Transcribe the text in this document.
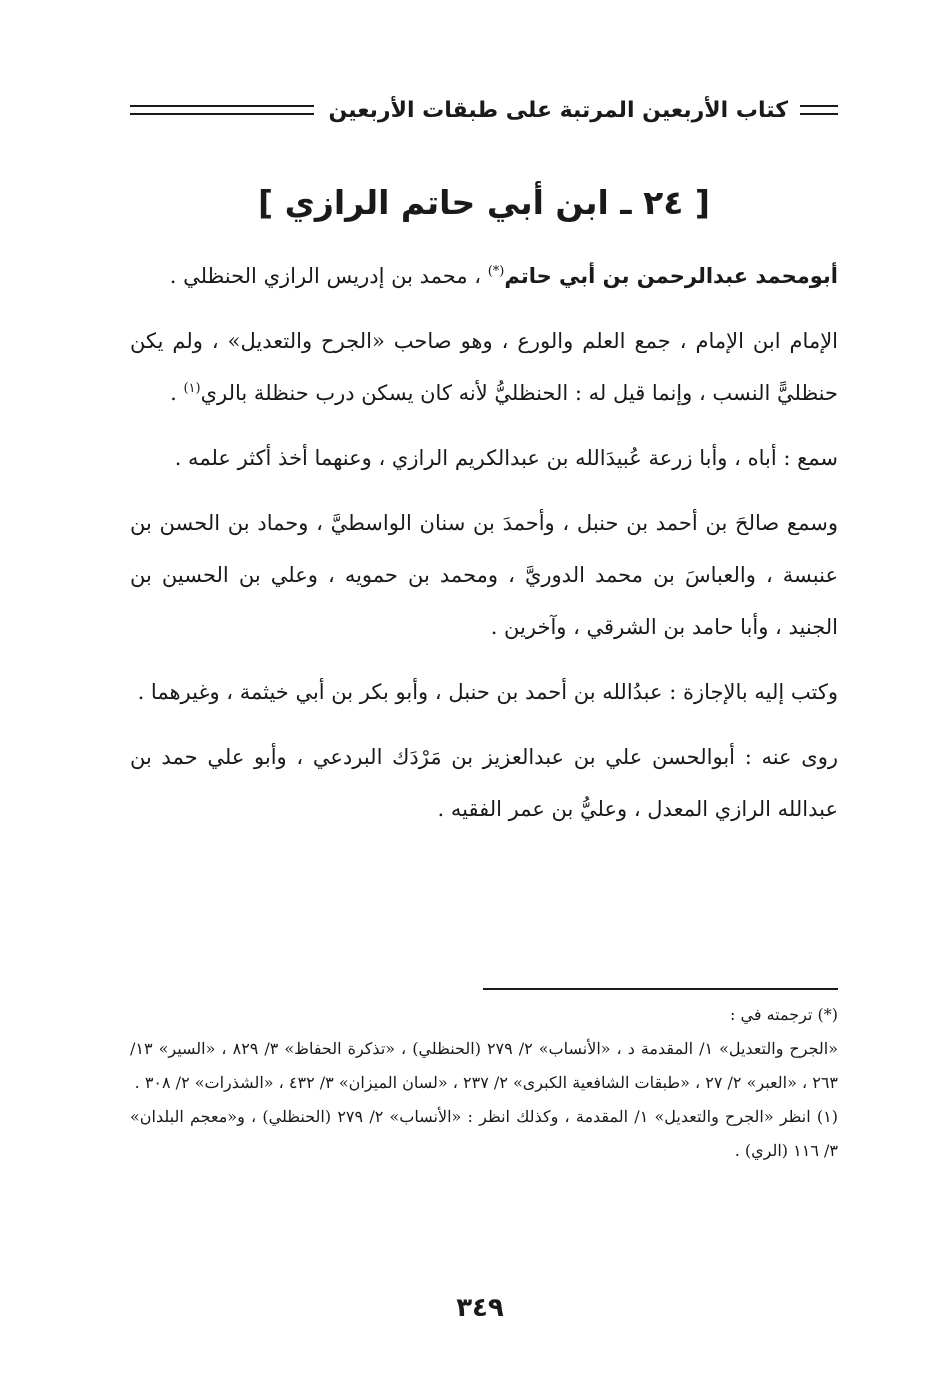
كتاب الأربعين المرتبة على طبقات الأربعين
[ ٢٤ ـ ابن أبي حاتم الرازي ]

أبومحمد عبدالرحمن بن أبي حاتم(*) ، محمد بن إدريس الرازي الحنظلي .

الإمام ابن الإمام ، جمع العلم والورع ، وهو صاحب «الجرح والتعديل» ، ولم يكن حنظليًّ النسب ، وإنما قيل له : الحنظليُّ لأنه كان يسكن درب حنظلة بالري$^{(١)}$ .

سمع : أباه ، وأبا زرعة عُبيدَالله بن عبدالكريم الرازي ، وعنهما أخذ أكثر علمه .

وسمع صالحَ بن أحمد بن حنبل ، وأحمدَ بن سنان الواسطيَّ ، وحماد بن الحسن بن عنبسة ، والعباسَ بن محمد الدوريَّ ، ومحمد بن حمويه ، وعلي بن الحسين بن الجنيد ، وأبا حامد بن الشرقي ، وآخرين .

وكتب إليه بالإجازة : عبدُالله بن أحمد بن حنبل ، وأبو بكر بن أبي خيثمة ، وغيرهما .

روى عنه : أبوالحسن علي بن عبدالعزيز بن مَرْدَك البردعي ، وأبو علي حمد بن عبدالله الرازي المعدل ، وعليُّ بن عمر الفقيه .

(*) ترجمته في :

«الجرح والتعديل» ١/ المقدمة د ، «الأنساب» ٢/ ٢٧٩ (الحنظلي) ، «تذكرة الحفاظ» ٣/ ٨٢٩ ، «السير» ١٣/ ٢٦٣ ، «العبر» ٢/ ٢٧ ، «طبقات الشافعية الكبرى» ٢/ ٢٣٧ ، «لسان الميزان» ٣/ ٤٣٢ ، «الشذرات» ٢/ ٣٠٨ .

(١) انظر «الجرح والتعديل» ١/ المقدمة ، وكذلك انظر : «الأنساب» ٢/ ٢٧٩ (الحنظلي) ، و«معجم البلدان» ٣/ ١١٦ (الري) .

٣٤٩
